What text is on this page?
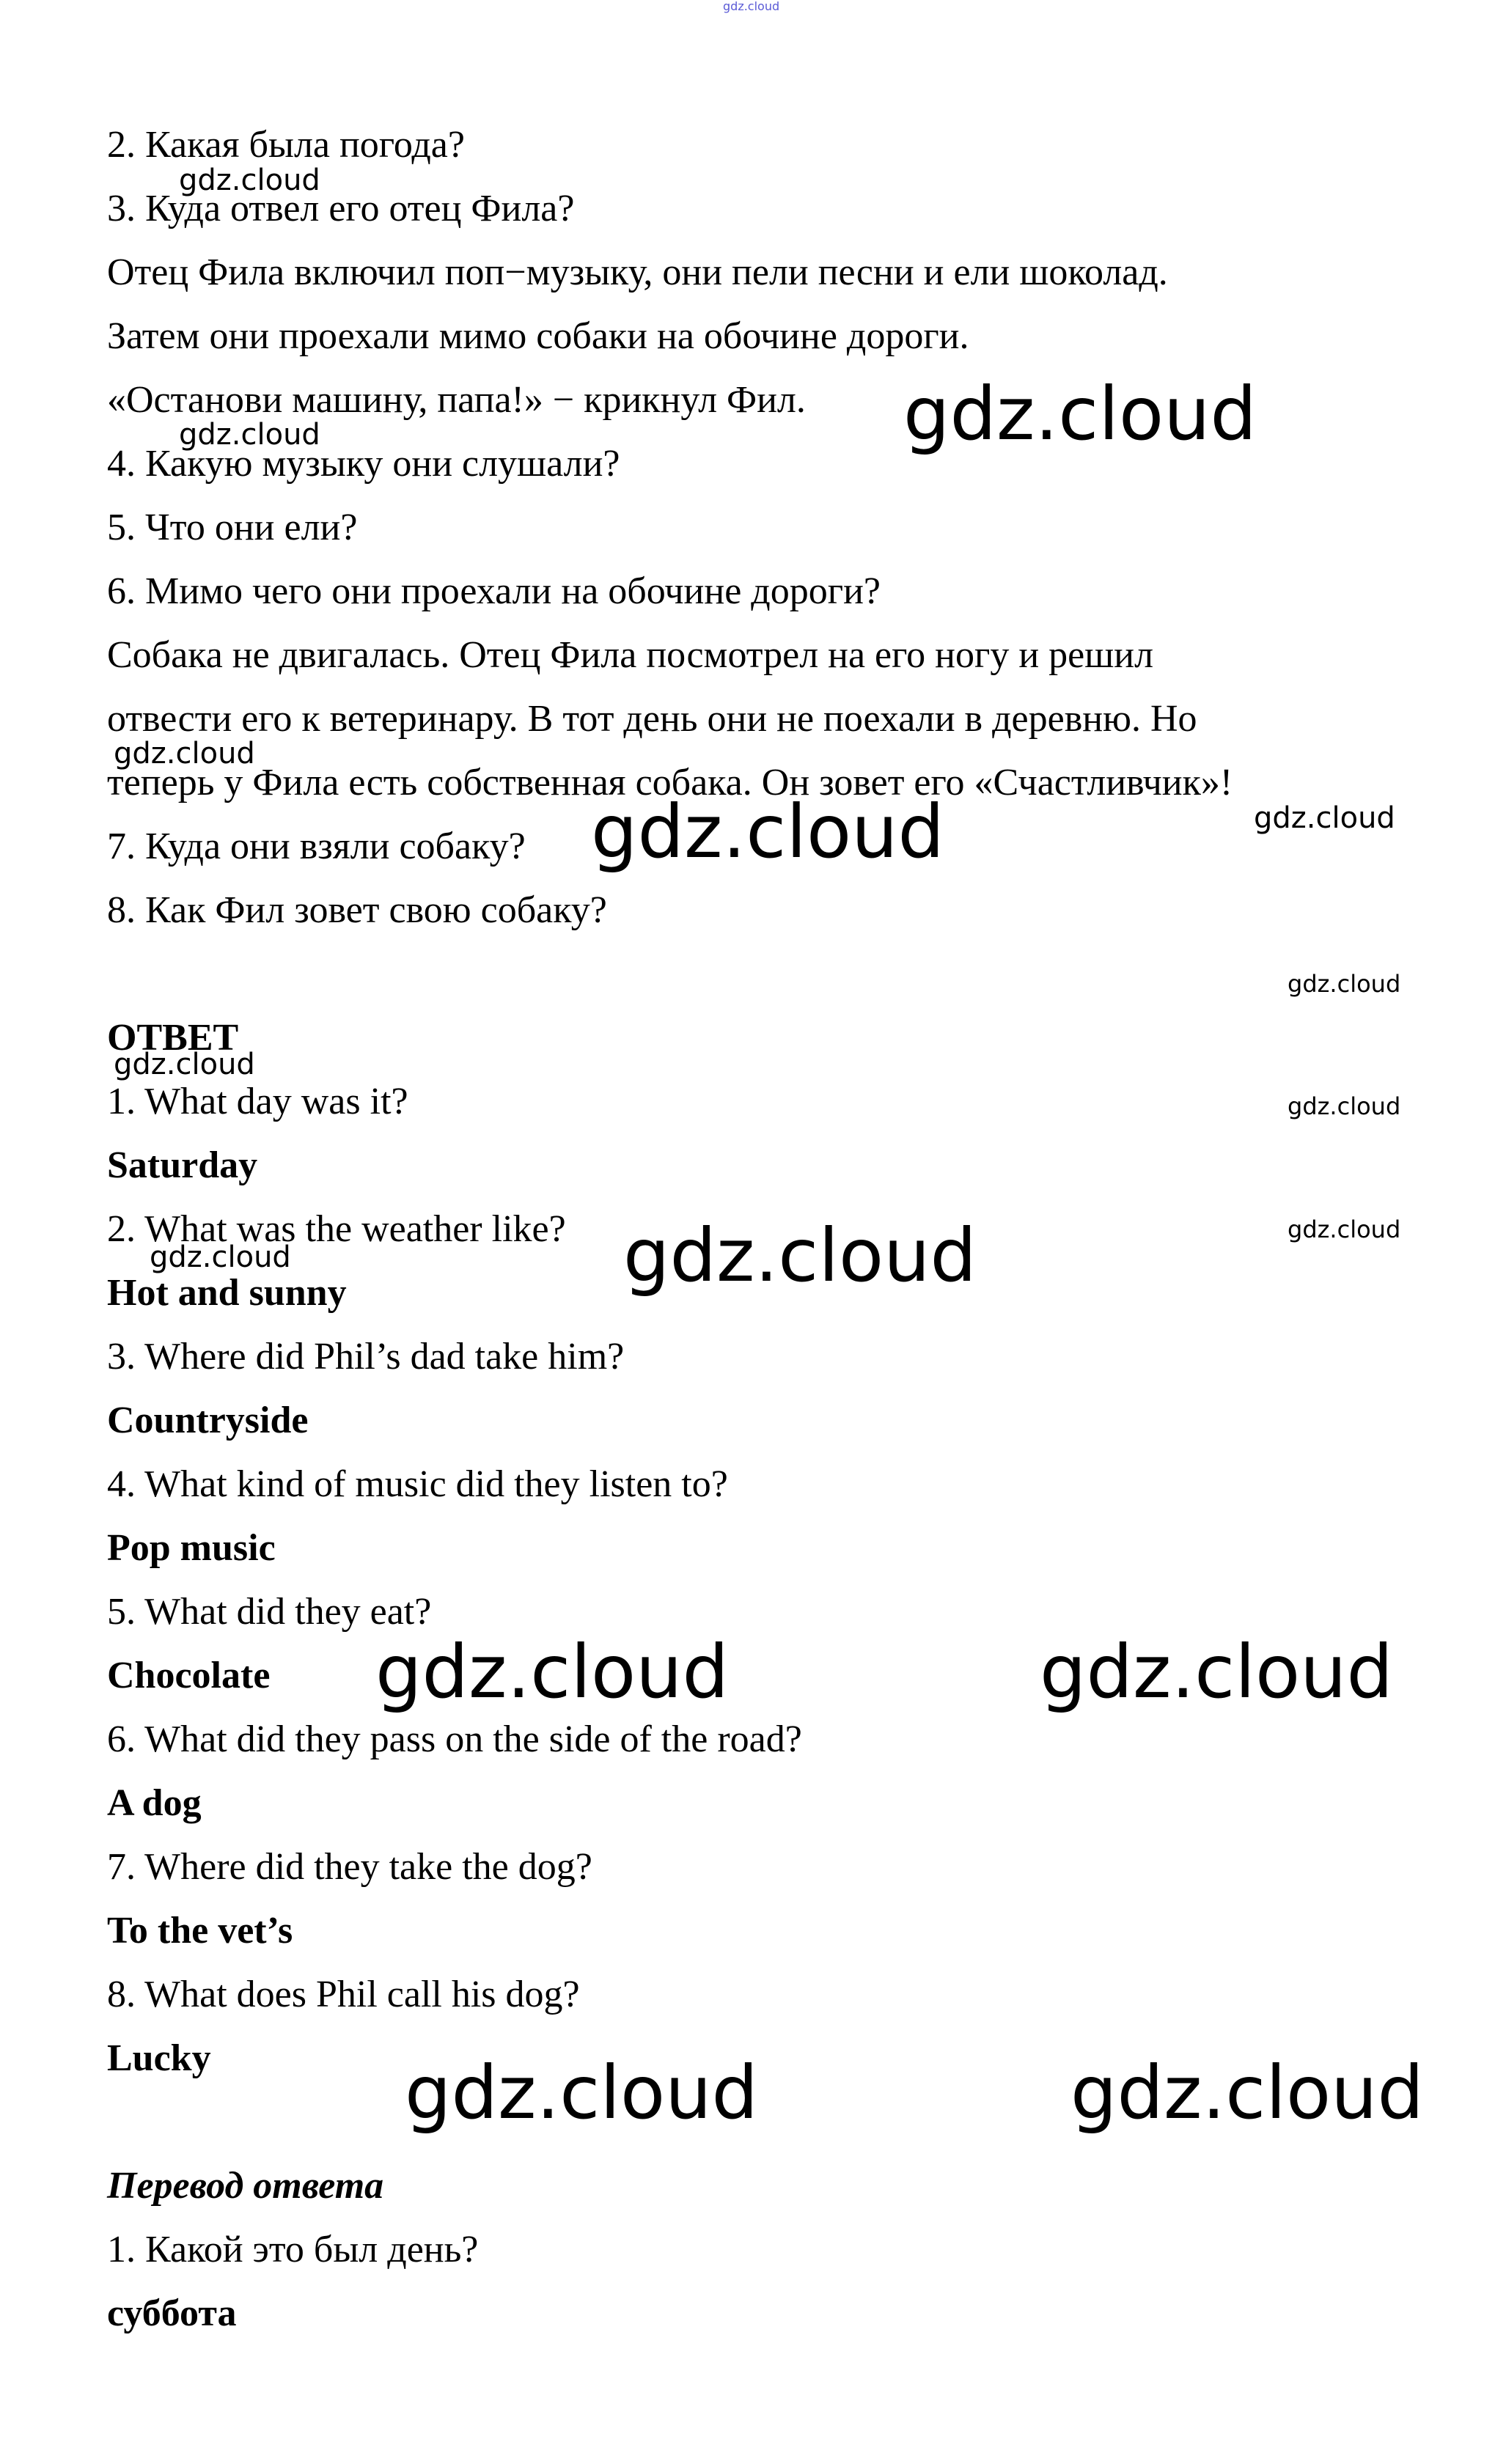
gdz.cloud
2. Какая была погода?
3. Куда отвел его отец Фила?
Отец Фила включил поп−музыку, они пели песни и ели шоколад.
Затем они проехали мимо собаки на обочине дороги.
«Останови машину, папа!» − крикнул Фил.
4. Какую музыку они слушали?
5. Что они ели?
6. Мимо чего они проехали на обочине дороги?
Собака не двигалась. Отец Фила посмотрел на его ногу и решил
отвести его к ветеринару. В тот день они не поехали в деревню. Но
теперь у Фила есть собственная собака. Он зовет его «Счастливчик»!
7. Куда они взяли собаку?
8. Как Фил зовет свою собаку?
ОТВЕТ
1. What day was it?
Saturday
2. What was the weather like?
Hot and sunny
3. Where did Phil’s dad take him?
Countryside
4. What kind of music did they listen to?
Pop music
5. What did they eat?
Chocolate
6. What did they pass on the side of the road?
A dog
7. Where did they take the dog?
To the vet’s
8. What does Phil call his dog?
Lucky
Перевод ответа
1. Какой это был день?
суббота
gdz.cloud
gdz.cloud	gdz.cloud
gdz.cloud
gdz.cloud
gdz.cloud
gdz.cloud
gdz.cloud
gdz.cloud
gdz.cloud
gdz.cloud	gdz.cloud
gdz.cloud	gdz.cloud
gdz.cloud	gdz.cloud
